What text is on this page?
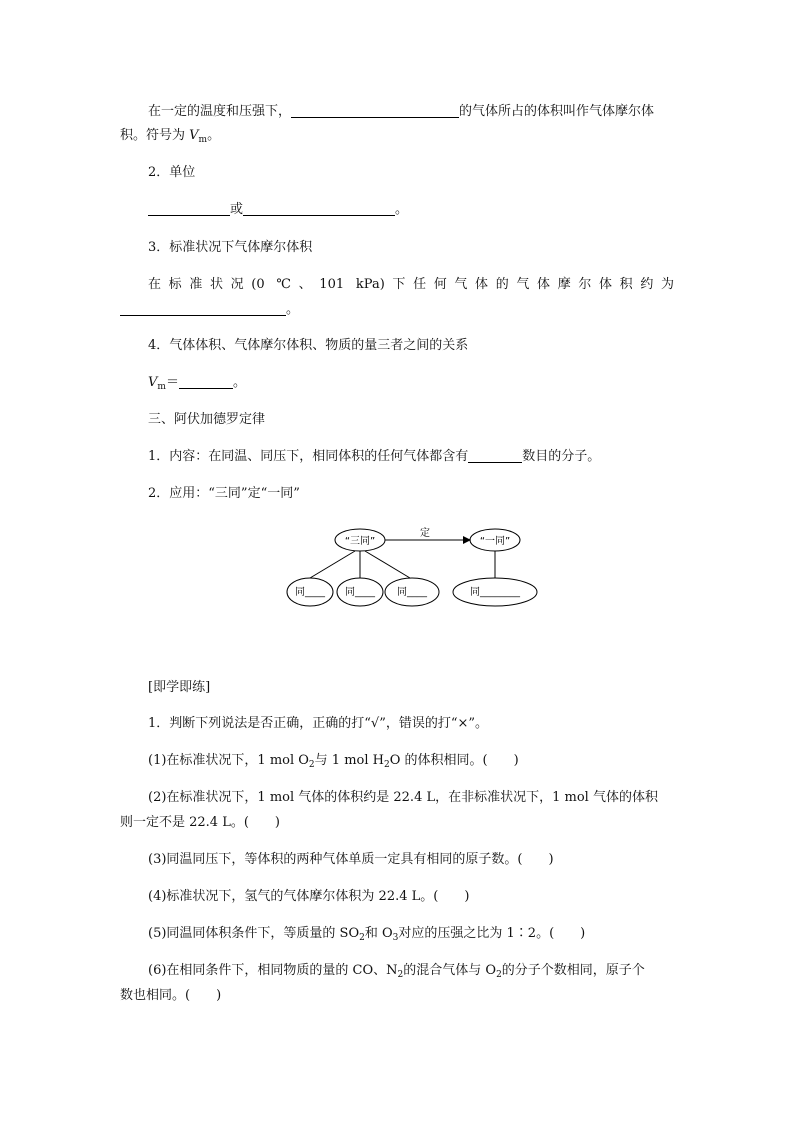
在一定的温度和压强下，	的气体所占的体积叫作气体摩尔体
积。符号为 $V_m$。
2．单位
或	。
3．标准状况下气体摩尔体积
在标准状况(0 ℃、101 kPa)下任何气体的气体摩尔体积约为
。
4．气体体积、气体摩尔体积、物质的量三者之间的关系
$V_m=$	。
三、阿伏加德罗定律
1．内容：在同温、同压下，相同体积的任何气体都含有	数目的分子。
2．应用：“三同”定“一同”
“三同”
定
“一同”
同____ 同____ 同____	同________
[即学即练]
1．判断下列说法是否正确，正确的打“√”，错误的打“×”。
(1)在标准状况下，1 mol $O_2$与 1 mol $H_2O$ 的体积相同。(　　)
(2)在标准状况下，1 mol 气体的体积约是 22.4 L，在非标准状况下，1 mol 气体的体积
则一定不是 22.4 L。(　　)
(3)同温同压下，等体积的两种气体单质一定具有相同的原子数。(　　)
(4)标准状况下，氢气的气体摩尔体积为 22.4 L。(　　)
(5)同温同体积条件下，等质量的 $SO_2$和 $O_3$对应的压强之比为 1∶2。(　　)
(6)在相同条件下，相同物质的量的 CO、$N_2$的混合气体与 $O_2$的分子个数相同，原子个
数也相同。(　　)
